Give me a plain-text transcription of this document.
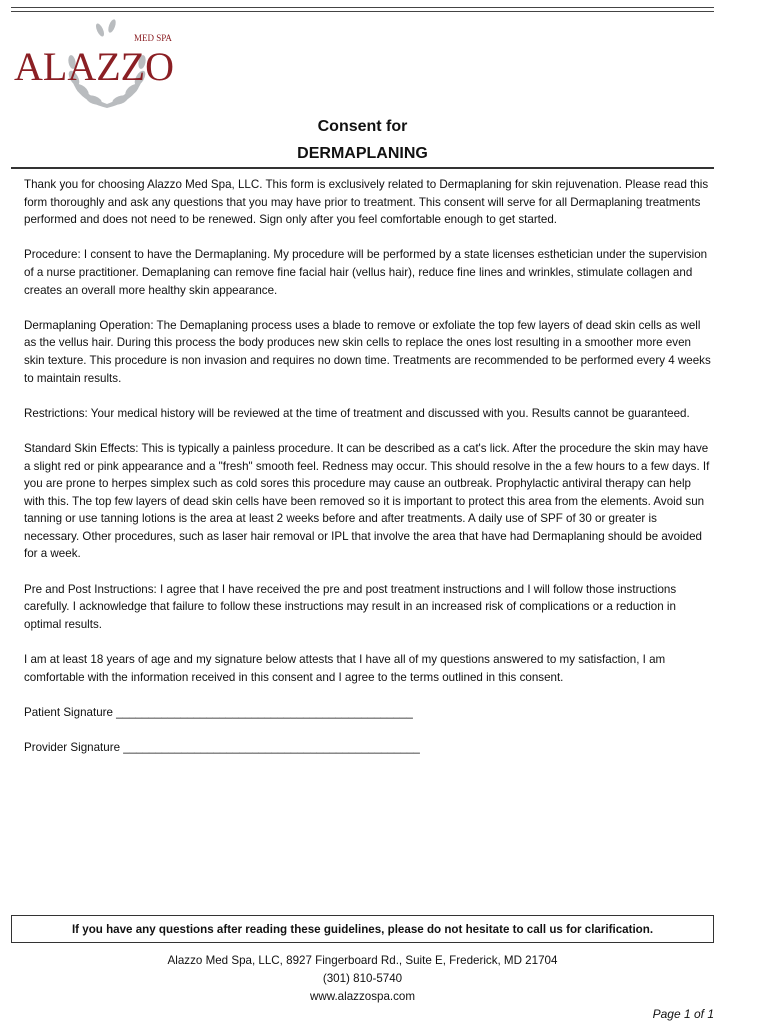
MED SPA
ALAZZO
Consent for
DERMAPLANING

Thank you for choosing Alazzo Med Spa, LLC. This form is exclusively related to Dermaplaning for skin rejuvenation. Please read this form thoroughly and ask any questions that you may have prior to treatment. This consent will serve for all Dermaplaning treatments performed and does not need to be renewed. Sign only after you feel comfortable enough to get started.

Procedure: I consent to have the Dermaplaning. My procedure will be performed by a state licenses esthetician under the supervision of a nurse practitioner. Demaplaning can remove fine facial hair (vellus hair), reduce fine lines and wrinkles, stimulate collagen and creates an overall more healthy skin appearance.

Dermaplaning Operation: The Demaplaning process uses a blade to remove or exfoliate the top few layers of dead skin cells as well as the vellus hair. During this process the body produces new skin cells to replace the ones lost resulting in a smoother more even skin texture. This procedure is non invasion and requires no down time. Treatments are recommended to be performed every 4 weeks to maintain results.

Restrictions: Your medical history will be reviewed at the time of treatment and discussed with you. Results cannot be guaranteed.

Standard Skin Effects: This is typically a painless procedure. It can be described as a cat's lick. After the procedure the skin may have a slight red or pink appearance and a "fresh" smooth feel. Redness may occur. This should resolve in the a few hours to a few days. If you are prone to herpes simplex such as cold sores this procedure may cause an outbreak. Prophylactic antiviral therapy can help with this. The top few layers of dead skin cells have been removed so it is important to protect this area from the elements. Avoid sun tanning or use tanning lotions is the area at least 2 weeks before and after treatments. A daily use of SPF of 30 or greater is necessary. Other procedures, such as laser hair removal or IPL that involve the area that have had Dermaplaning should be avoided for a week.

Pre and Post Instructions: I agree that I have received the pre and post treatment instructions and I will follow those instructions carefully. I acknowledge that failure to follow these instructions may result in an increased risk of complications or a reduction in optimal results.

I am at least 18 years of age and my signature below attests that I have all of my questions answered to my satisfaction, I am comfortable with the information received in this consent and I agree to the terms outlined in this consent.

Patient Signature ______________________________________________

Provider Signature ______________________________________________

If you have any questions after reading these guidelines, please do not hesitate to call us for clarification.
Alazzo Med Spa, LLC, 8927 Fingerboard Rd., Suite E, Frederick, MD 21704
(301) 810-5740
www.alazzospa.com
Page 1 of 1
